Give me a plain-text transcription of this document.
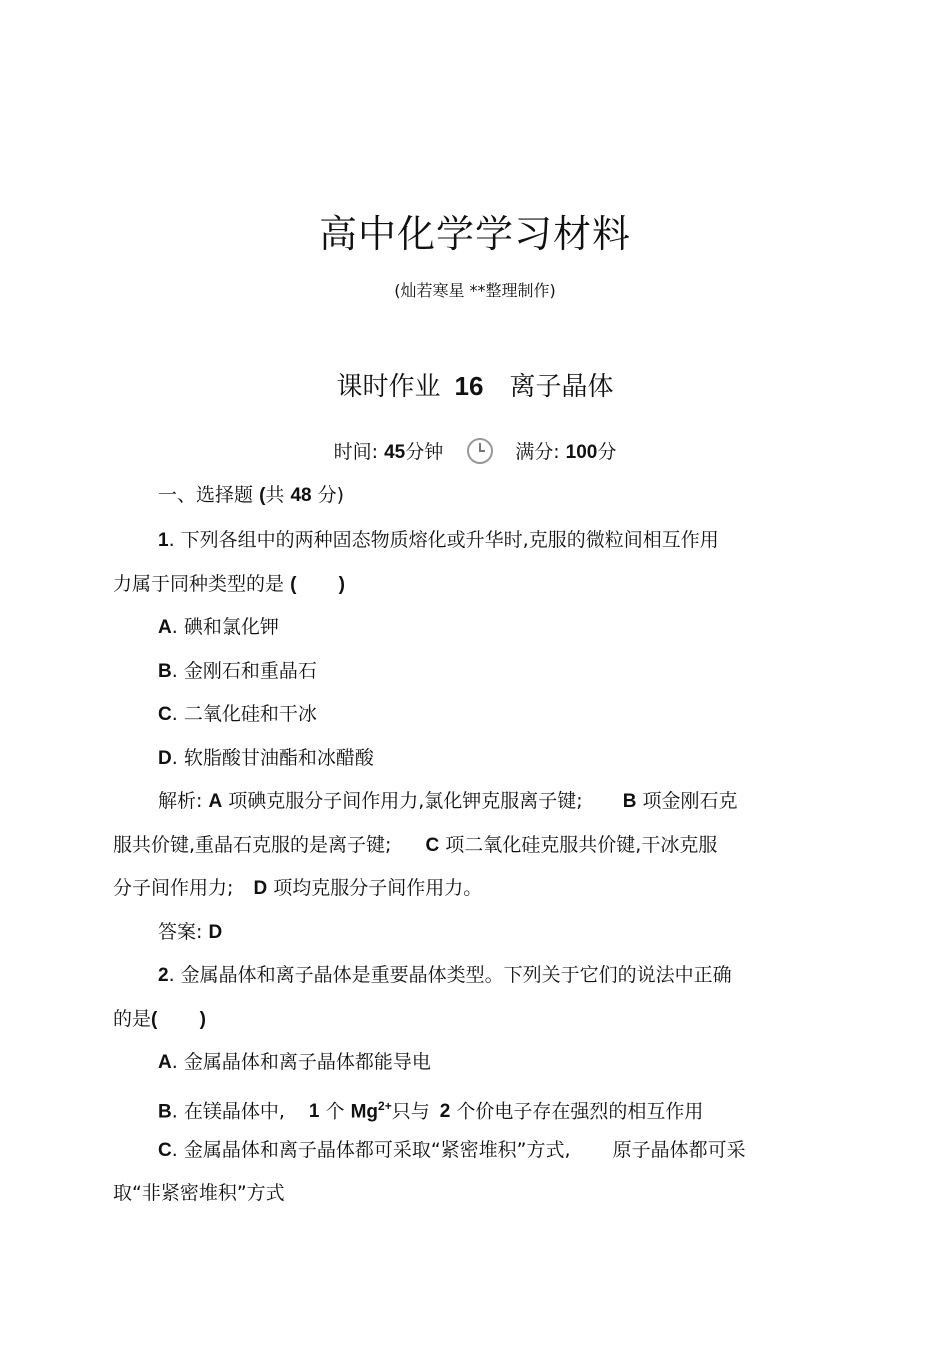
高中化学学习材料
(灿若寒星 **整理制作)
课时作业 16 离子晶体
时间: 45分钟	满分: 100分
一、选择题 (共 48 分)
1. 下列各组中的两种固态物质熔化或升华时,克服的微粒间相互作用
力属于同种类型的是 (        )
A. 碘和氯化钾
B. 金刚石和重晶石
C. 二氧化硅和干冰
D. 软脂酸甘油酯和冰醋酸
解析: A 项碘克服分子间作用力,氯化钾克服离子键; B 项金刚石克
服共价键,重晶石克服的是离子键; C 项二氧化硅克服共价键,干冰克服
分子间作用力; D 项均克服分子间作用力。
答案: D
2. 金属晶体和离子晶体是重要晶体类型。下列关于它们的说法中正确
的是(        )
A. 金属晶体和离子晶体都能导电
B. 在镁晶体中, 1 个 $Mg^{2+}$只与 2 个价电子存在强烈的相互作用
C. 金属晶体和离子晶体都可采取“紧密堆积”方式, 原子晶体都可采
取“非紧密堆积”方式
